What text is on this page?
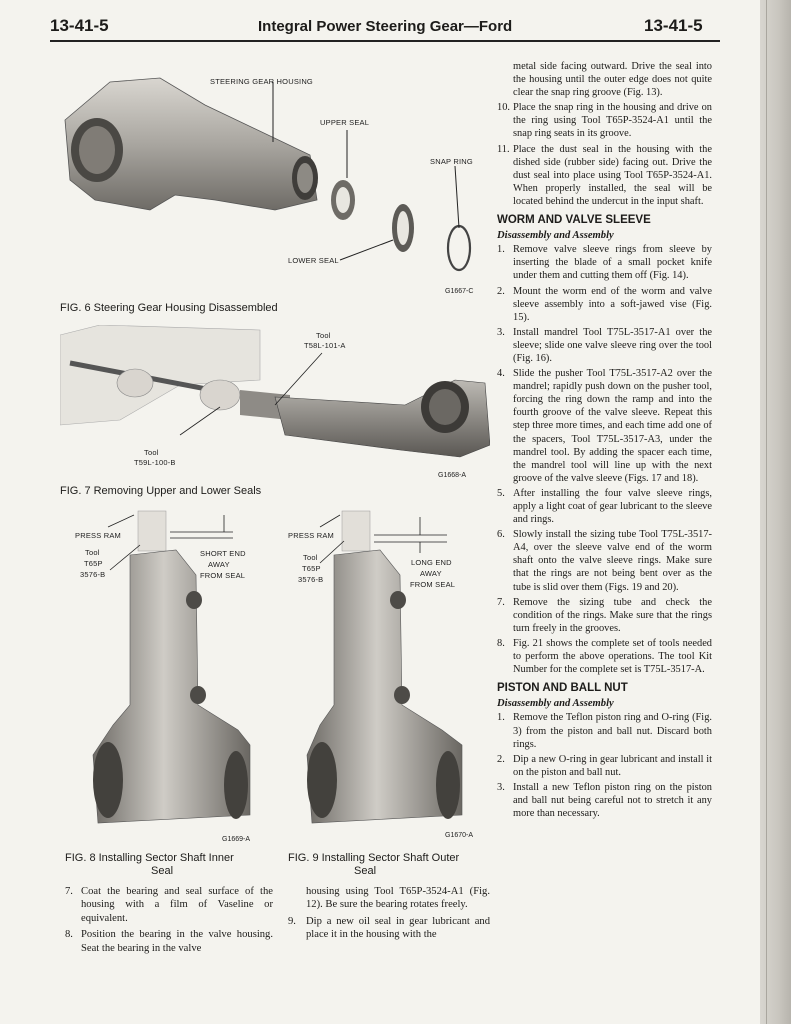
13-41-5	Integral Power Steering Gear—Ford	13-41-5
STEERING GEAR HOUSING
UPPER SEAL
SNAP RING
LOWER SEAL
G1667-C
FIG. 6 Steering Gear Housing Disassembled
Tool
T58L-101-A
Tool
T59L-100-B
G1668-A
FIG. 7 Removing Upper and Lower Seals
PRESS RAM
Tool
T65P
3576-B
SHORT END
AWAY
FROM SEAL
G1669-A
FIG. 8 Installing Sector Shaft Inner
Seal
PRESS RAM
Tool
T65P
3576-B
LONG END
AWAY
FROM SEAL
G1670-A
FIG. 9 Installing Sector Shaft Outer
Seal
7. Coat the bearing and seal surface of the housing with a film of Vaseline or equivalent.
8. Position the bearing in the valve housing. Seat the bearing in the valve
housing using Tool T65P-3524-A1 (Fig. 12). Be sure the bearing rotates freely.
9. Dip a new oil seal in gear lubricant and place it in the housing with the
metal side facing outward. Drive the seal into the housing until the outer edge does not quite clear the snap ring groove (Fig. 13).
10. Place the snap ring in the housing and drive on the ring using Tool T65P-3524-A1 until the snap ring seats in its groove.
11. Place the dust seal in the housing with the dished side (rubber side) facing out. Drive the dust seal into place using Tool T65P-3524-A1. When properly installed, the seal will be located behind the undercut in the input shaft.
WORM AND VALVE SLEEVE
Disassembly and Assembly
1. Remove valve sleeve rings from sleeve by inserting the blade of a small pocket knife under them and cutting them off (Fig. 14).
2. Mount the worm end of the worm and valve sleeve assembly into a soft-jawed vise (Fig. 15).
3. Install mandrel Tool T75L-3517-A1 over the sleeve; slide one valve sleeve ring over the tool (Fig. 16).
4. Slide the pusher Tool T75L-3517-A2 over the mandrel; rapidly push down on the pusher tool, forcing the ring down the ramp and into the fourth groove of the valve sleeve. Repeat this step three more times, and each time add one of the spacers, Tool T75L-3517-A3, under the mandrel tool. By adding the spacer each time, the mandrel tool will line up with the next groove of the valve sleeve (Figs. 17 and 18).
5. After installing the four valve sleeve rings, apply a light coat of gear lubricant to the sleeve and rings.
6. Slowly install the sizing tube Tool T75L-3517-A4, over the sleeve valve end of the worm shaft onto the valve sleeve rings. Make sure that the rings are not being bent over as the tube is slid over them (Figs. 19 and 20).
7. Remove the sizing tube and check the condition of the rings. Make sure that the rings turn freely in the grooves.
8. Fig. 21 shows the complete set of tools needed to perform the above operations. The tool Kit Number for the complete set is T75L-3517-A.
PISTON AND BALL NUT
Disassembly and Assembly
1. Remove the Teflon piston ring and O-ring (Fig. 3) from the piston and ball nut. Discard both rings.
2. Dip a new O-ring in gear lubricant and install it on the piston and ball nut.
3. Install a new Teflon piston ring on the piston and ball nut being careful not to stretch it any more than necessary.
